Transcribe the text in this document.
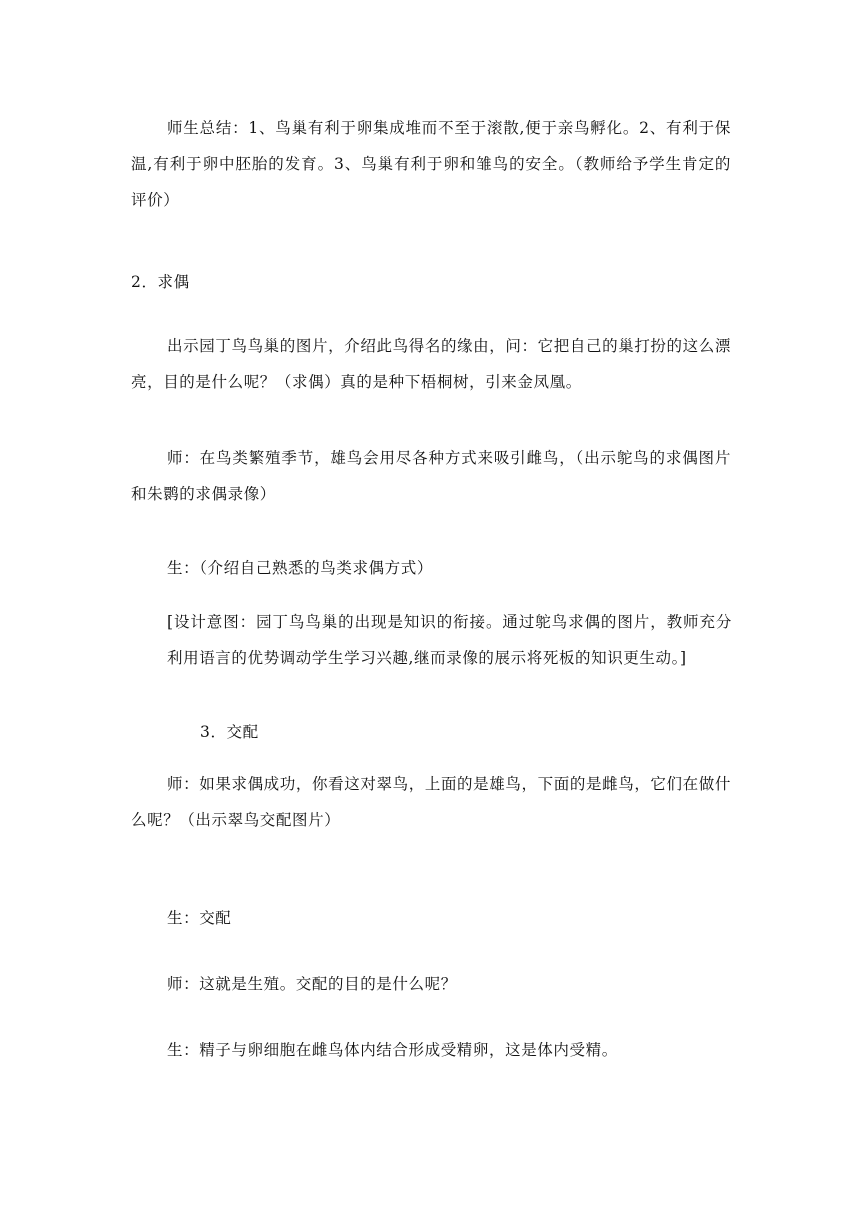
师生总结：1、鸟巢有利于卵集成堆而不至于滚散,便于亲鸟孵化。2、有利于保温,有利于卵中胚胎的发育。3、鸟巢有利于卵和雏鸟的安全。（教师给予学生肯定的评价）

2．求偶

出示园丁鸟鸟巢的图片，介绍此鸟得名的缘由，问：它把自己的巢打扮的这么漂亮，目的是什么呢？（求偶）真的是种下梧桐树，引来金凤凰。

师：在鸟类繁殖季节，雄鸟会用尽各种方式来吸引雌鸟，（出示鸵鸟的求偶图片和朱鹮的求偶录像）

生：（介绍自己熟悉的鸟类求偶方式）

[设计意图：园丁鸟鸟巢的出现是知识的衔接。通过鸵鸟求偶的图片，教师充分利用语言的优势调动学生学习兴趣,继而录像的展示将死板的知识更生动。]

3．交配

师：如果求偶成功，你看这对翠鸟，上面的是雄鸟，下面的是雌鸟，它们在做什么呢？（出示翠鸟交配图片）

生：交配

师：这就是生殖。交配的目的是什么呢？

生：精子与卵细胞在雌鸟体内结合形成受精卵，这是体内受精。
